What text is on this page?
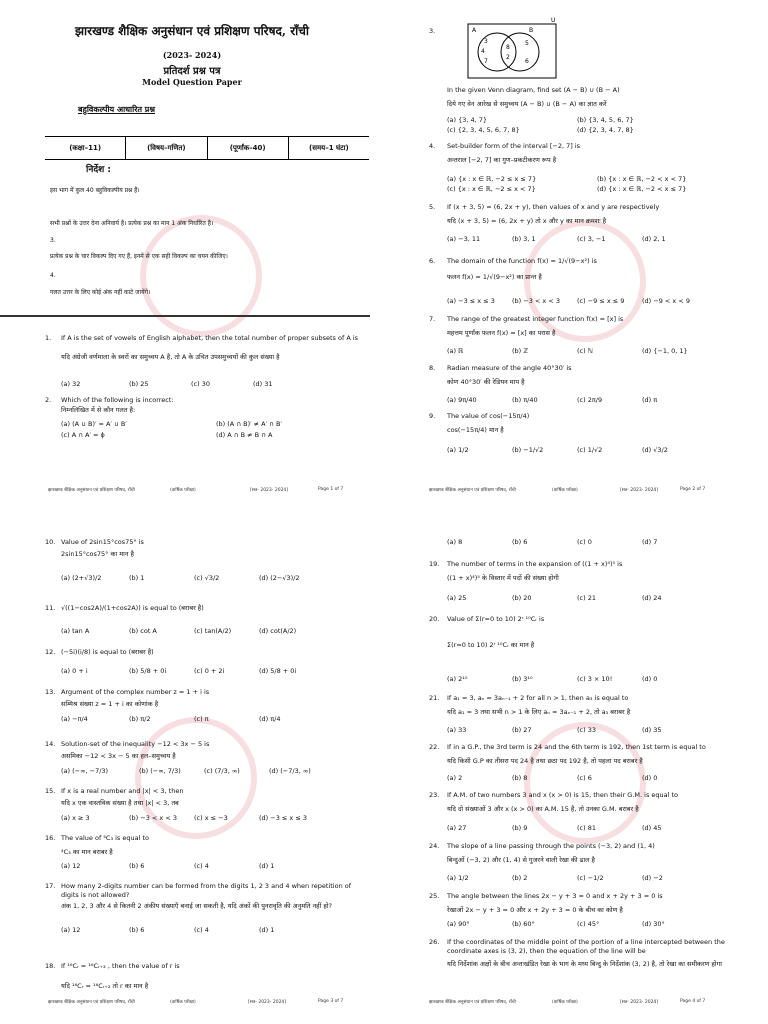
झारखण्ड शैक्षिक अनुसंधान एवं प्रशिक्षण परिषद, राँची
(2023- 2024)
प्रतिदर्श प्रश्न पत्र
Model Question Paper
बहुविकल्पीय आधारित प्रश्न
(कक्षा–11)	(विषय–गणित)	(पूर्णांक–40)	(समय–1 घंटा)
निर्देश :
इस भाग में कुल 40 बहुविकल्पीय प्रश्न हैं।
सभी प्रश्नों के उत्तर देना अनिवार्य है। प्रत्येक प्रश्न का मान 1 अंक निर्धारित है।
3.
प्रत्येक प्रश्न के चार विकल्प दिए गए हैं, इनमें से एक सही विकल्प का चयन कीजिए।
4.
गलत उत्तर के लिए कोई अंक नहीं काटे जायेंगे।
1. If A is the set of vowels of English alphabet, then the total number of proper subsets of A is
यदि अंग्रेजी वर्णमाला के स्वरों का समुच्चय A है, तो A के उचित उपसमुच्चयों की कुल संख्या है
(a) 32	(b) 25	(c) 30	(d) 31
2. Which of the following is incorrect:
निम्नलिखित में से कौन गलत है:
(a) (A ∪ B)′ = A′ ∪ B′	(b) (A ∩ B)′ ≠ A′ ∩ B′
(c) A ∩ A′ = ϕ	(d) A ∩ B ≠ B ∩ A
झारखण्ड शैक्षिक अनुसंधान एवं प्रशिक्षण परिषद, राँची	(वार्षिक परीक्षा)	[सत्र- 2023- 2024]	Page 1 of 7
3.
U
A	B
3
4
7
8
2
5
6
In the given Venn diagram, find set (A − B) ∪ (B − A)
दिये गए वेन आरेख से समुच्चय (A − B) ∪ (B − A) का ज्ञात करें
(a) {3, 4, 7}	(b) {3, 4, 5, 6, 7}
(c) {2, 3, 4, 5, 6, 7, 8}	(d) {2, 3, 4, 7, 8}
4. Set-builder form of the interval [−2, 7] is
अन्तराल [−2, 7] का गुण–प्रकटीकरण रूप है
(a) {x : x ∈ ℝ, −2 ≤ x ≤ 7}	(b) {x : x ∈ ℝ, −2 < x < 7}
(c) {x : x ∈ ℝ, −2 ≤ x < 7}	(d) {x : x ∈ ℝ, −2 < x ≤ 7}
5. If (x + 3, 5) = (6, 2x + y), then values of x and y are respectively
यदि (x + 3, 5) = (6, 2x + y) तो x और y का मान क्रमशः है
(a) −3, 11	(b) 3, 1	(c) 3, −1	(d) 2, 1
6. The domain of the function f(x) = 1/√(9−x²) is
फलन f(x) = 1/√(9−x²) का प्रान्त है
(a) −3 ≤ x ≤ 3	(b) −3 < x < 3	(c) −9 ≤ x ≤ 9	(d) −9 < x < 9
7. The range of the greatest integer function f(x) = [x] is
महत्तम पूर्णांक फलन f(x) = [x] का परास है
(a) ℝ	(b) ℤ	(c) ℕ	(d) {−1, 0, 1}
8. Radian measure of the angle 40°30′ is
कोण 40°30′ की रेडियन माप है
(a) 9π/40	(b) π/40	(c) 2π/9	(d) π
9. The value of cos(−15π/4)
cos(−15π/4) मान है
(a) 1/2	(b) −1/√2	(c) 1/√2	(d) √3/2
झारखण्ड शैक्षिक अनुसंधान एवं प्रशिक्षण परिषद, राँची	(वार्षिक परीक्षा)	[सत्र- 2023- 2024]	Page 2 of 7
10. Value of 2sin15°cos75° is
2sin15°cos75° का मान है
(a) (2+√3)/2	(b) 1	(c) √3/2	(d) (2−√3)/2
11. √((1−cos2A)/(1+cos2A)) is equal to (बराबर है)
(a) tan A	(b) cot A	(c) tan(A/2)	(d) cot(A/2)
12. (−5i)(i/8) is equal to (बराबर है)
(a) 0 + i	(b) 5/8 + 0i	(c) 0 + 2i	(d) 5/8 + 0i
13. Argument of the complex number z = 1 + i is
सम्मिश्र संख्या z = 1 + i का कोणांक है
(a) −π/4	(b) π/2	(c) π	(d) π/4
14. Solution-set of the inequality −12 < 3x − 5 is
असमिका −12 < 3x − 5 का हल–समुच्चय है
(a) (−∞, −7/3)	(b) (−∞, 7/3)	(c) (7/3, ∞)	(d) (−7/3, ∞)
15. If x is a real number and |x| < 3, then
यदि x एक वास्तविक संख्या है तथा |x| < 3, तब
(a) x ≥ 3	(b) −3 < x < 3	(c) x ≤ −3	(d) −3 ≤ x ≤ 3
16. The value of ⁴C₃ is equal to
⁴C₃ का मान बराबर है
(a) 12	(b) 6	(c) 4	(d) 1
17. How many 2-digits number can be formed from the digits 1, 2 3 and 4 when repetition of digits is not allowed?
अंक 1, 2, 3 और 4 से कितनी 2 अंकीय संख्याएँ बनाई जा सकती है, यदि अंकों की पुनरावृति की अनुमति नहीं हो?
(a) 12	(b) 6	(c) 4	(d) 1
18. If ¹⁶Cᵣ = ¹⁶Cᵣ₊₂ , then the value of r is
यदि ¹⁶Cᵣ = ¹⁶Cᵣ₊₂ तो r का मान है
झारखण्ड शैक्षिक अनुसंधान एवं प्रशिक्षण परिषद, राँची	(वार्षिक परीक्षा)	[सत्र- 2023- 2024]	Page 3 of 7
(a) 8	(b) 6	(c) 0	(d) 7
19. The number of terms in the expansion of ((1 + x)⁴)⁵ is
((1 + x)⁴)⁵ के विस्तार में पदों की संख्या होगी
(a) 25	(b) 20	(c) 21	(d) 24
20. Value of Σ(r=0 to 10) 2ʳ ¹⁰Cᵣ is
Σ(r=0 to 10) 2ʳ ¹⁰Cᵣ का मान है
(a) 2¹⁰	(b) 3¹⁰	(c) 3 × 10!	(d) 0
21. If a₁ = 3, aₙ = 3aₙ₋₁ + 2 for all n > 1, then a₃ is equal to
यदि a₁ = 3 तथा सभी n > 1 के लिए aₙ = 3aₙ₋₁ + 2, तो a₃ बराबर है
(a) 33	(b) 27	(c) 33	(d) 35
22. If in a G.P., the 3rd term is 24 and the 6th term is 192, then 1st term is equal to
यदि किसी G.P का तीसरा पद 24 है तथा छठा पद 192 है, तो पहला पद बराबर है
(a) 2	(b) 8	(c) 6	(d) 0
23. If A.M. of two numbers 3 and x (x > 0) is 15, then their G.M. is equal to
यदि दो संख्याओं 3 और x (x > 0) का A.M. 15 है, तो उनका G.M. बराबर है
(a) 27	(b) 9	(c) 81	(d) 45
24. The slope of a line passing through the points (−3, 2) and (1, 4)
बिन्दुओं (−3, 2) और (1, 4) से गुजरने वाली रेखा की ढाल है
(a) 1/2	(b) 2	(c) −1/2	(d) −2
25. The angle between the lines 2x − y + 3 = 0 and x + 2y + 3 = 0 is
रेखाओं 2x − y + 3 = 0 और x + 2y + 3 = 0 के बीच का कोण है
(a) 90°	(b) 60°	(c) 45°	(d) 30°
26. If the coordinates of the middle point of the portion of a line intercepted between the coordinate axes is (3, 2), then the equation of the line will be
यदि निर्देशांक अक्षों के बीच अन्तःखंडित रेखा के भाग के मध्य बिन्दु के निर्देशांक (3, 2) है, तो रेखा का समीकरण होगा
झारखण्ड शैक्षिक अनुसंधान एवं प्रशिक्षण परिषद, राँची	(वार्षिक परीक्षा)	[सत्र- 2023- 2024]	Page 4 of 7
